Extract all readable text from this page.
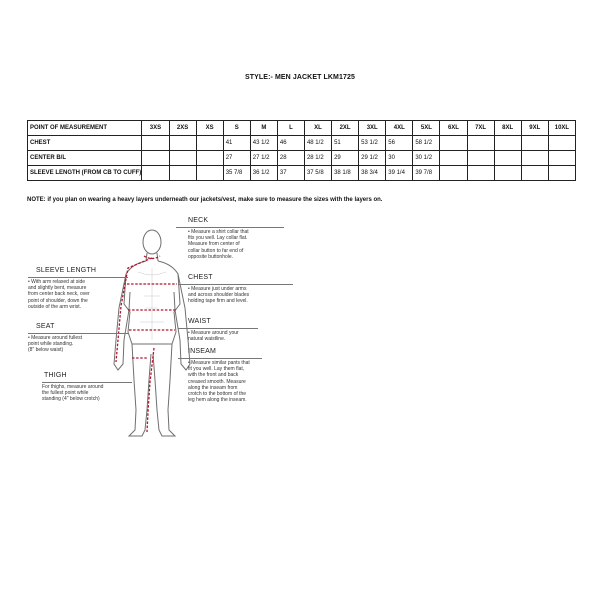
STYLE:- MEN JACKET LKM1725
POINT OF MEASUREMENT	3XS	2XS	XS	S	M	L	XL	2XL	3XL	4XL	5XL	6XL	7XL	8XL	9XL	10XL
CHEST				41	43 1/2	46	48 1/2	51	53 1/2	56	58 1/2					
CENTER B/L				27	27 1/2	28	28 1/2	29	29 1/2	30	30 1/2					
SLEEVE LENGTH (FROM CB TO CUFF)				35 7/8	36 1/2	37	37 5/8	38 1/8	38 3/4	39 1/4	39 7/8					
NOTE: if you plan on wearing a heavy layers underneath our jackets/vest, make sure to measure the sizes with the layers on.
NECK
• Measure a shirt collar that
fits you well. Lay collar flat.
Measure from center of
collar button to far end of
opposite buttonhole.
CHEST
• Measure just under arms
and across shoulder blades
holding tape firm and level.
WAIST
• Measure around your
natural waistline.
INSEAM
• Measure similar pants that
fit you well. Lay them flat,
with the front and back
creased smooth. Measure
along the inseam from
crotch to the bottom of the
leg hem along the inseam.
SLEEVE LENGTH
• With arm relaxed at side
and slightly bent, measure
from center back neck, over
point of shoulder, down the
outside of the arm wrist.
SEAT
• Measure around fullest
point while standing.
(8" below waist)
THIGH
For thighs, measure around
the fullest point while
standing (4" below crotch)
